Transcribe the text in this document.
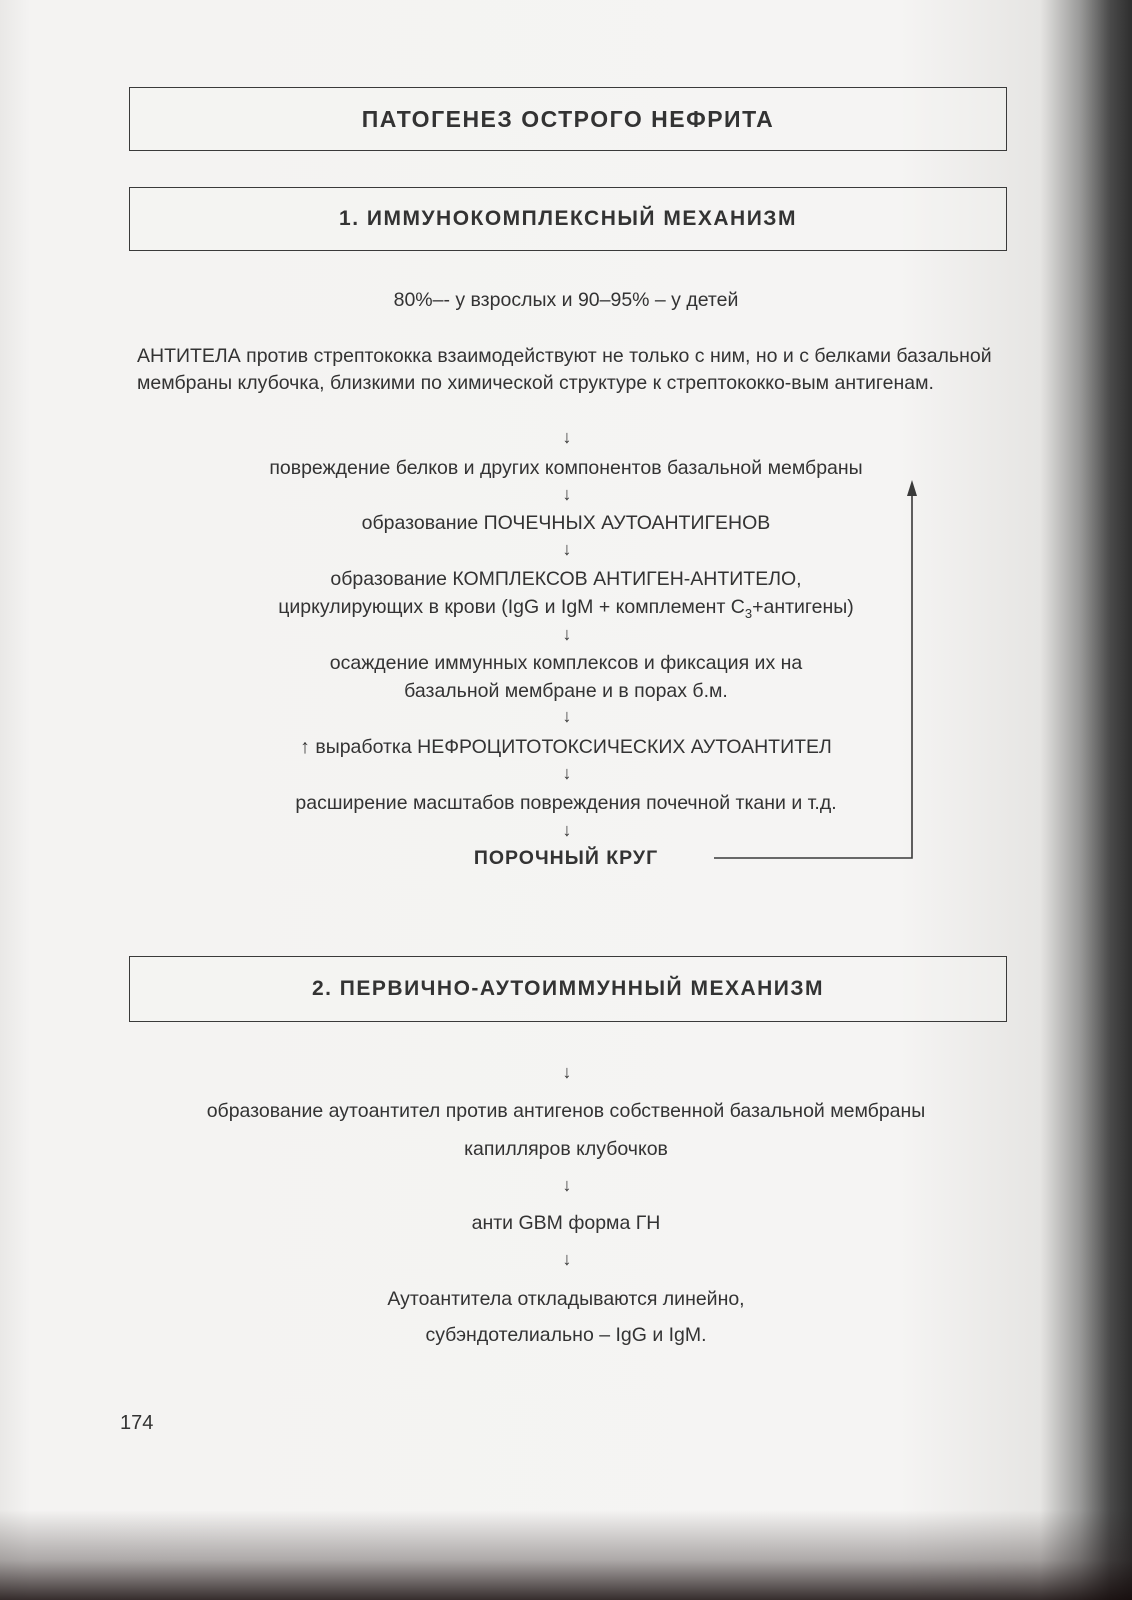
ПАТОГЕНЕЗ ОСТРОГО НЕФРИТА
1. ИММУНОКОМПЛЕКСНЫЙ МЕХАНИЗМ
80%–- у взрослых и 90–95% – у детей
АНТИТЕЛА против стрептококка взаимодействуют не только с ним, но и с белками базальной мембраны клубочка, близкими по химической структуре к стрептококко-вым антигенам.
↓
повреждение белков и других компонентов базальной мембраны
↓
образование ПОЧЕЧНЫХ АУТОАНТИГЕНОВ
↓
образование КОМПЛЕКСОВ АНТИГЕН-АНТИТЕЛО,
циркулирующих в крови (IgG и IgM + комплемент $C_3+антигены$)
↓
осаждение иммунных комплексов и фиксация их на
базальной мембране и в порах б.м.
↓
↑ выработка НЕФРОЦИТОТОКСИЧЕСКИХ АУТОАНТИТЕЛ
↓
расширение масштабов повреждения почечной ткани и т.д.
↓
ПОРОЧНЫЙ КРУГ
2. ПЕРВИЧНО-АУТОИММУННЫЙ МЕХАНИЗМ
↓
образование аутоантител против антигенов собственной базальной мембраны
капилляров клубочков
↓
анти GBM форма ГН
↓
Аутоантитела откладываются линейно,
субэндотелиально – IgG и IgM.
174
